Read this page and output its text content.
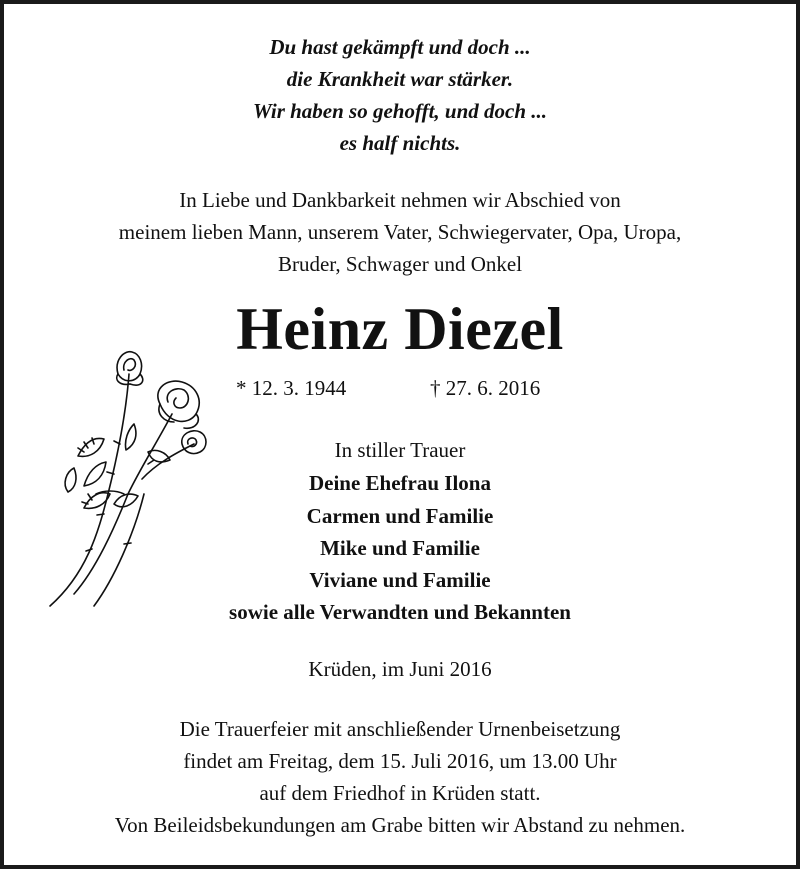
Du hast gekämpft und doch ...
die Krankheit war stärker.
Wir haben so gehofft, und doch ...
es half nichts.
In Liebe und Dankbarkeit nehmen wir Abschied von
meinem lieben Mann, unserem Vater, Schwiegervater, Opa, Uropa,
Bruder, Schwager und Onkel
Heinz Diezel
* 12. 3. 1944	† 27. 6. 2016
In stiller Trauer
Deine Ehefrau Ilona
Carmen und Familie
Mike und Familie
Viviane und Familie
sowie alle Verwandten und Bekannten
Krüden, im Juni 2016
Die Trauerfeier mit anschließender Urnenbeisetzung
findet am Freitag, dem 15. Juli 2016, um 13.00 Uhr
auf dem Friedhof in Krüden statt.
Von Beileidsbekundungen am Grabe bitten wir Abstand zu nehmen.
